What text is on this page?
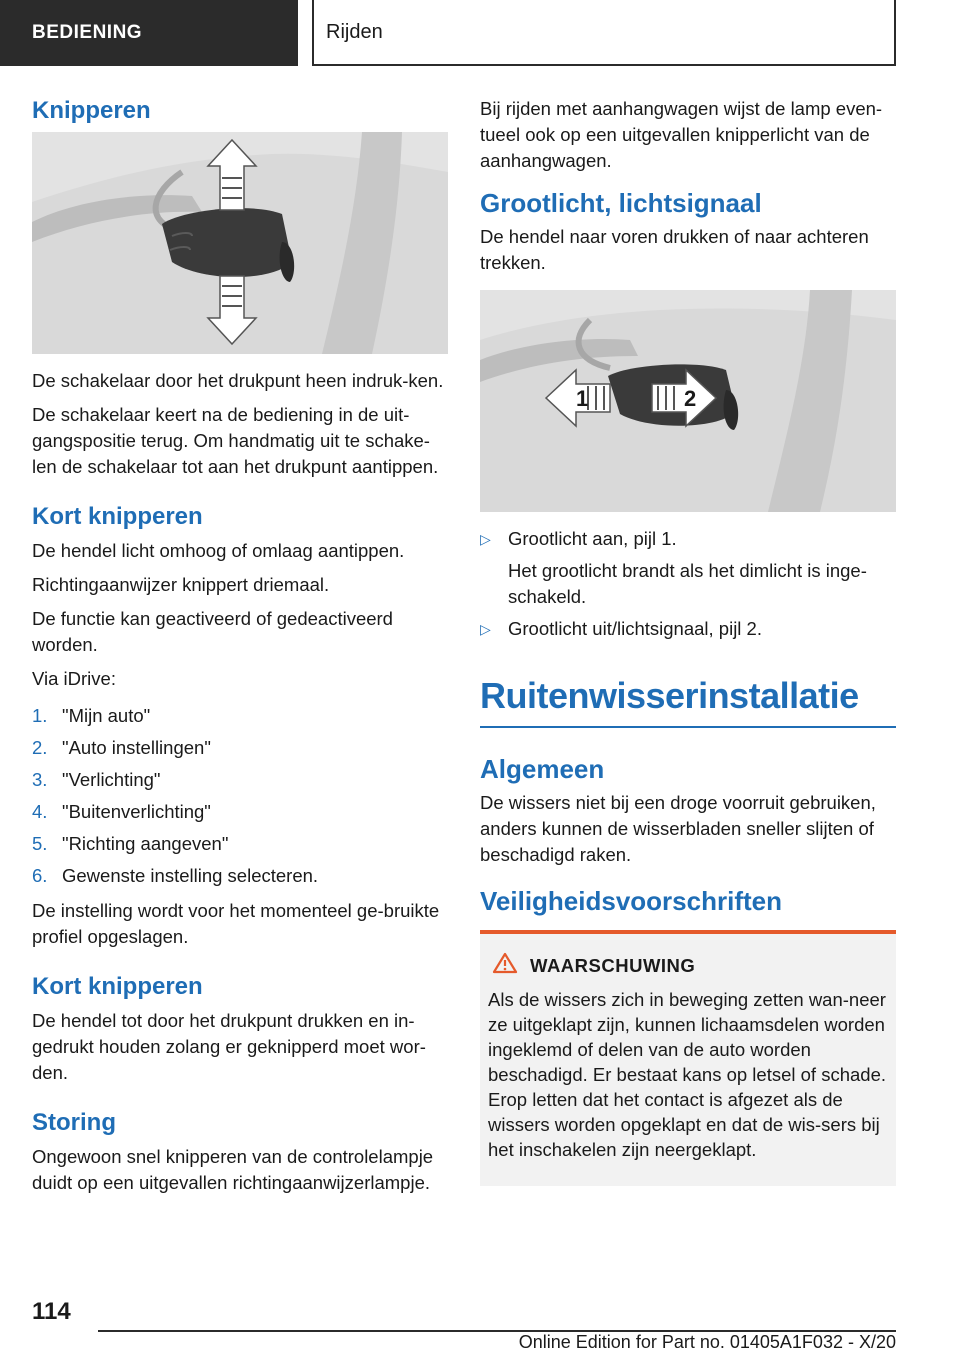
BEDIENING	Rijden
Knipperen

De schakelaar door het drukpunt heen indruk-ken.

De schakelaar keert na de bediening in de uit-gangspositie terug. Om handmatig uit te schake-len de schakelaar tot aan het drukpunt aantippen.

Kort knipperen

De hendel licht omhoog of omlaag aantippen.

Richtingaanwijzer knippert driemaal.

De functie kan geactiveerd of gedeactiveerd worden.

Via iDrive:

1. "Mijn auto"
2. "Auto instellingen"
3. "Verlichting"
4. "Buitenverlichting"
5. "Richting aangeven"
6. Gewenste instelling selecteren.

De instelling wordt voor het momenteel ge-bruikte profiel opgeslagen.

Kort knipperen

De hendel tot door het drukpunt drukken en in-gedrukt houden zolang er geknipperd moet wor-den.

Storing

Ongewoon snel knipperen van de controlelampje duidt op een uitgevallen richtingaanwijzerlampje.

Bij rijden met aanhangwagen wijst de lamp even-tueel ook op een uitgevallen knipperlicht van de aanhangwagen.

Grootlicht, lichtsignaal

De hendel naar voren drukken of naar achteren trekken.

1	2
▷ Grootlicht aan, pijl 1.
Het grootlicht brandt als het dimlicht is inge-schakeld.
▷ Grootlicht uit/lichtsignaal, pijl 2.
Ruitenwisserinstallatie
Algemeen

De wissers niet bij een droge voorruit gebruiken, anders kunnen de wisserbladen sneller slijten of beschadigd raken.

Veiligheidsvoorschriften
WAARSCHUWING

Als de wissers zich in beweging zetten wan-neer ze uitgeklapt zijn, kunnen lichaamsdelen worden ingeklemd of delen van de auto worden beschadigd. Er bestaat kans op letsel of schade. Erop letten dat het contact is afgezet als de wissers worden opgeklapt en dat de wis-sers bij het inschakelen zijn neergeklapt.

114
Online Edition for Part no. 01405A1F032 - X/20
